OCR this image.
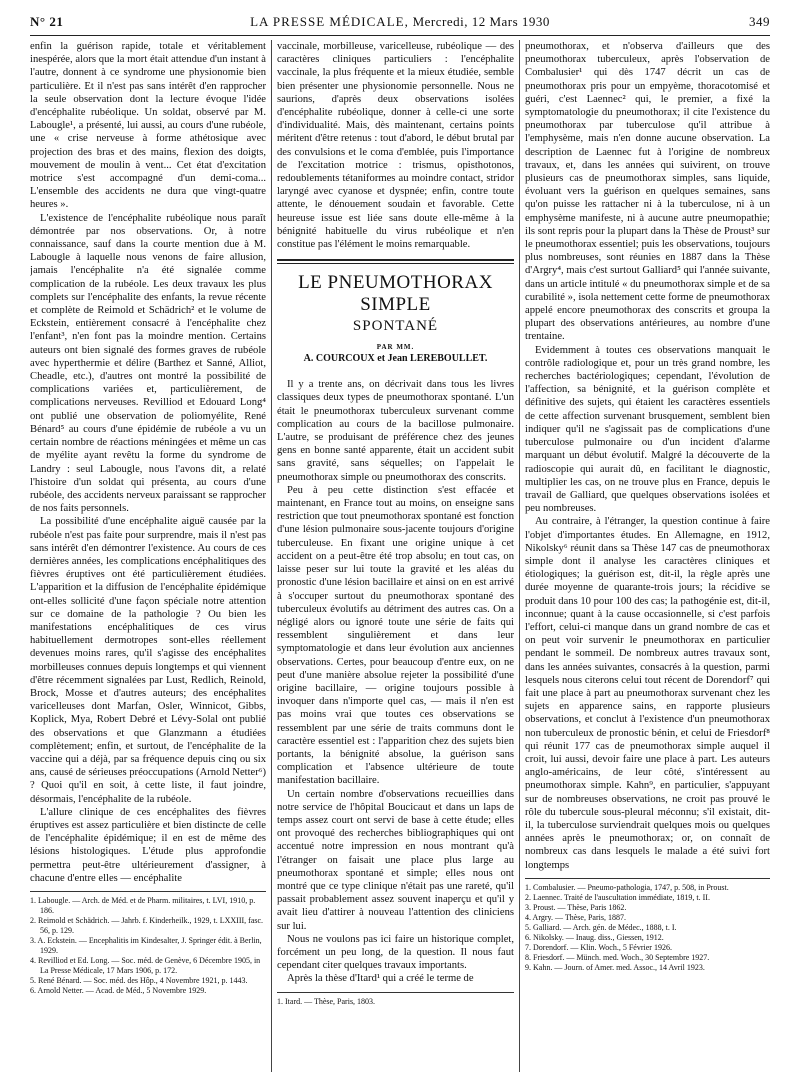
N° 21	LA PRESSE MÉDICALE, Mercredi, 12 Mars 1930	349

enfin la guérison rapide, totale et véritablement inespérée, alors que la mort était attendue d'un instant à l'autre, donnent à ce syndrome une physionomie bien particulière. Et il n'est pas sans intérêt d'en rapprocher la seule observation dont la lecture évoque l'idée d'encéphalite rubéolique. Un soldat, observé par M. Labougle¹, a présenté, lui aussi, au cours d'une rubéole, une « crise nerveuse à forme athétosique avec projection des bras et des mains, flexion des doigts, mouvement de moulin à vent... Cet état d'excitation motrice s'est accompagné d'un demi-coma... L'ensemble des accidents ne dura que vingt-quatre heures ».

L'existence de l'encéphalite rubéolique nous paraît démontrée par nos observations. Or, à notre connaissance, sauf dans la courte mention due à M. Labougle à laquelle nous venons de faire allusion, jamais l'encéphalite n'a été signalée comme complication de la rubéole. Les deux travaux les plus complets sur l'encéphalite des enfants, la revue récente et complète de Reimold et Schädrich² et le volume de Eckstein, entièrement consacré à l'encéphalite chez l'enfant³, n'en font pas la moindre mention. Certains auteurs ont bien signalé des formes graves de rubéole avec hyperthermie et délire (Barthez et Sanné, Alliot, Cheadle, etc.), d'autres ont montré la possibilité de complications variées et, particulièrement, de complications nerveuses. Revilliod et Edouard Long⁴ ont publié une observation de poliomyélite, René Bénard⁵ au cours d'une épidémie de rubéole a vu un certain nombre de réactions méningées et même un cas de myélite ayant revêtu la forme du syndrome de Landry : seul Labougle, nous l'avons dit, a relaté l'histoire d'un soldat qui présenta, au cours d'une rubéole, des accidents nerveux paraissant se rapprocher de nos faits personnels.

La possibilité d'une encéphalite aiguë causée par la rubéole n'est pas faite pour surprendre, mais il n'est pas sans intérêt d'en démontrer l'existence. Au cours de ces dernières années, les complications encéphalitiques des fièvres éruptives ont été particulièrement étudiées. L'apparition et la diffusion de l'encéphalite épidémique ont-elles sollicité d'une façon spéciale notre attention sur ce domaine de la pathologie ? Ou bien les manifestations encéphalitiques de ces virus habituellement dermotropes sont-elles réellement devenues moins rares, qu'il s'agisse des encéphalites morbilleuses connues depuis longtemps et qui viennent d'être récemment signalées par Lust, Redlich, Reinold, Brock, Mosse et d'autres auteurs; des encéphalites varicelleuses dont Marfan, Osler, Winnicot, Gibbs, Koplick, Mya, Robert Debré et Lévy-Solal ont publié des observations et que Glanzmann a étudiées complètement; enfin, et surtout, de l'encéphalite de la vaccine qui a déjà, par sa fréquence depuis cinq ou six ans, causé de sérieuses préoccupations (Arnold Netter⁶) ? Quoi qu'il en soit, à cette liste, il faut joindre, désormais, l'encéphalite de la rubéole.

L'allure clinique de ces encéphalites des fièvres éruptives est assez particulière et bien distincte de celle de l'encéphalite épidémique; il en est de même des lésions histologiques. L'étude plus approfondie permettra peut-être ultérieurement d'assigner, à chacune d'entre elles — encéphalite

1. Labougle. — Arch. de Méd. et de Pharm. militaires, t. LVI, 1910, p. 186.
2. Reimold et Schädrich. — Jahrb. f. Kinderheilk., 1929, t. LXXIII, fasc. 56, p. 129.
3. A. Eckstein. — Encephalitis im Kindesalter, J. Springer édit. à Berlin, 1929.
4. Revilliod et Ed. Long. — Soc. méd. de Genève, 6 Décembre 1905, in La Presse Médicale, 17 Mars 1906, p. 172.
5. René Bénard. — Soc. méd. des Hôp., 4 Novembre 1921, p. 1443.
6. Arnold Netter. — Acad. de Méd., 5 Novembre 1929.

vaccinale, morbilleuse, varicelleuse, rubéolique — des caractères cliniques particuliers : l'encéphalite vaccinale, la plus fréquente et la mieux étudiée, semble bien présenter une physionomie personnelle. Nous ne saurions, d'après deux observations isolées d'encéphalite rubéolique, donner à celle-ci une sorte d'individualité. Mais, dès maintenant, certains points méritent d'être retenus : tout d'abord, le début brutal par des convulsions et le coma d'emblée, puis l'importance de l'excitation motrice : trismus, opisthotonos, redoublements tétaniformes au moindre contact, stridor laryngé avec cyanose et dyspnée; enfin, contre toute attente, le dénouement soudain et favorable. Cette heureuse issue est liée sans doute elle-même à la bénignité habituelle du virus rubéolique et n'en constitue pas l'élément le moins remarquable.

LE PNEUMOTHORAX SIMPLE
SPONTANÉ
PAR MM.
A. COURCOUX et Jean LEREBOULLET.

Il y a trente ans, on décrivait dans tous les livres classiques deux types de pneumothorax spontané. L'un était le pneumothorax tuberculeux survenant comme complication au cours de la bacillose pulmonaire. L'autre, se produisant de préférence chez des jeunes gens en bonne santé apparente, était un accident subit sans gravité, sans séquelles; on l'appelait le pneumothorax simple ou pneumothorax des conscrits.

Peu à peu cette distinction s'est effacée et maintenant, en France tout au moins, on enseigne sans restriction que tout pneumothorax spontané est fonction d'une lésion pulmonaire sous-jacente toujours d'origine tuberculeuse. En fixant une origine unique à cet accident on a peut-être été trop absolu; en tout cas, on laisse peser sur lui toute la gravité et les aléas du pronostic d'une lésion bacillaire et ainsi on en est arrivé à s'occuper surtout du pneumothorax spontané des tuberculeux évolutifs au détriment des autres cas. On a négligé alors ou ignoré toute une série de faits qui ressemblent singulièrement et dans leur symptomatologie et dans leur évolution aux anciennes observations. Certes, pour beaucoup d'entre eux, on ne peut d'une manière absolue rejeter la possibilité d'une origine bacillaire, — origine toujours possible à invoquer dans n'importe quel cas, — mais il n'en est pas moins vrai que toutes ces observations se ressemblent par une série de traits communs dont le caractère essentiel est : l'apparition chez des sujets bien portants, la bénignité absolue, la guérison sans complication et l'absence ultérieure de toute manifestation bacillaire.

Un certain nombre d'observations recueillies dans notre service de l'hôpital Boucicaut et dans un laps de temps assez court ont servi de base à cette étude; elles ont provoqué des recherches bibliographiques qui ont accentué notre impression en nous montrant qu'à l'étranger on faisait une place plus large au pneumothorax spontané et simple; elles nous ont montré que ce type clinique n'était pas une rareté, qu'il passait probablement assez souvent inaperçu et qu'il y avait lieu d'attirer à nouveau l'attention des cliniciens sur lui.

Nous ne voulons pas ici faire un historique complet, forcément un peu long, de la question. Il nous faut cependant citer quelques travaux importants.

Après la thèse d'Itard¹ qui a créé le terme de

1. Itard. — Thèse, Paris, 1803.

pneumothorax, et n'observa d'ailleurs que des pneumothorax tuberculeux, après l'observation de Combalusier¹ qui dès 1747 décrit un cas de pneumothorax pris pour un empyème, thoracotomisé et guéri, c'est Laennec² qui, le premier, a fixé la symptomatologie du pneumothorax; il cite l'existence du pneumothorax par tuberculose qu'il attribue à l'emphysème, mais n'en donne aucune observation. La description de Laennec fut à l'origine de nombreux travaux, et, dans les années qui suivirent, on trouve plusieurs cas de pneumothorax simples, sans liquide, évoluant vers la guérison en quelques semaines, sans qu'on puisse les rattacher ni à la tuberculose, ni à un emphysème manifeste, ni à aucune autre pneumopathie; ils sont repris pour la plupart dans la Thèse de Proust³ sur le pneumothorax essentiel; puis les observations, toujours plus nombreuses, sont réunies en 1887 dans la Thèse d'Argry⁴, mais c'est surtout Galliard⁵ qui l'année suivante, dans un article intitulé « du pneumothorax simple et de sa curabilité », isola nettement cette forme de pneumothorax appelé encore pneumothorax des conscrits et groupa la plupart des observations antérieures, au nombre d'une trentaine.

Evidemment à toutes ces observations manquait le contrôle radiologique et, pour un très grand nombre, les recherches bactériologiques; cependant, l'évolution de l'affection, sa bénignité, et la guérison complète et définitive des sujets, qui étaient les caractères essentiels de cette affection survenant brusquement, semblent bien indiquer qu'il ne s'agissait pas de complications d'une tuberculose pulmonaire ou d'un incident d'alarme marquant un début évolutif. Malgré la découverte de la radioscopie qui aurait dû, en facilitant le diagnostic, multiplier les cas, on ne trouve plus en France, depuis le travail de Galliard, que quelques observations isolées et peu nombreuses.

Au contraire, à l'étranger, la question continue à faire l'objet d'importantes études. En Allemagne, en 1912, Nikolsky⁶ réunit dans sa Thèse 147 cas de pneumothorax simple dont il analyse les caractères cliniques et étiologiques; la guérison est, dit-il, la règle après une durée moyenne de quarante-trois jours; la récidive se produit dans 10 pour 100 des cas; la pathogénie est, dit-il, inconnue; quant à la cause occasionnelle, si c'est parfois l'effort, celui-ci manque dans un grand nombre de cas et on peut voir survenir le pneumothorax en particulier pendant le sommeil. De nombreux autres travaux sont, dans les années suivantes, consacrés à la question, parmi lesquels nous citerons celui tout récent de Dorendorf⁷ qui fait une place à part au pneumothorax survenant chez les sujets en apparence sains, en rapporte plusieurs observations, et conclut à l'existence d'un pneumothorax non tuberculeux de pronostic bénin, et celui de Friesdorf⁸ qui réunit 177 cas de pneumothorax simple auquel il croit, lui aussi, devoir faire une place à part. Les auteurs anglo-américains, de leur côté, s'intéressent au pneumothorax simple. Kahn⁹, en particulier, s'appuyant sur de nombreuses observations, ne croit pas prouvé le rôle du tubercule sous-pleural méconnu; s'il existait, dit-il, la tuberculose surviendrait quelques mois ou quelques années après le pneumothorax; or, on connaît de nombreux cas dans lesquels le malade a été suivi fort longtemps

1. Combalusier. — Pneumo-pathologia, 1747, p. 508, in Proust.
2. Laennec. Traité de l'auscultation immédiate, 1819, t. II.
3. Proust. — Thèse, Paris 1862.
4. Argry. — Thèse, Paris, 1887.
5. Galliard. — Arch. gén. de Médec., 1888, t. I.
6. Nikolsky. — Inaug. diss., Giessen, 1912.
7. Dorendorf. — Klin. Woch., 5 Février 1926.
8. Friesdorf. — Münch. med. Woch., 30 Septembre 1927.
9. Kahn. — Journ. of Amer. med. Assoc., 14 Avril 1923.
